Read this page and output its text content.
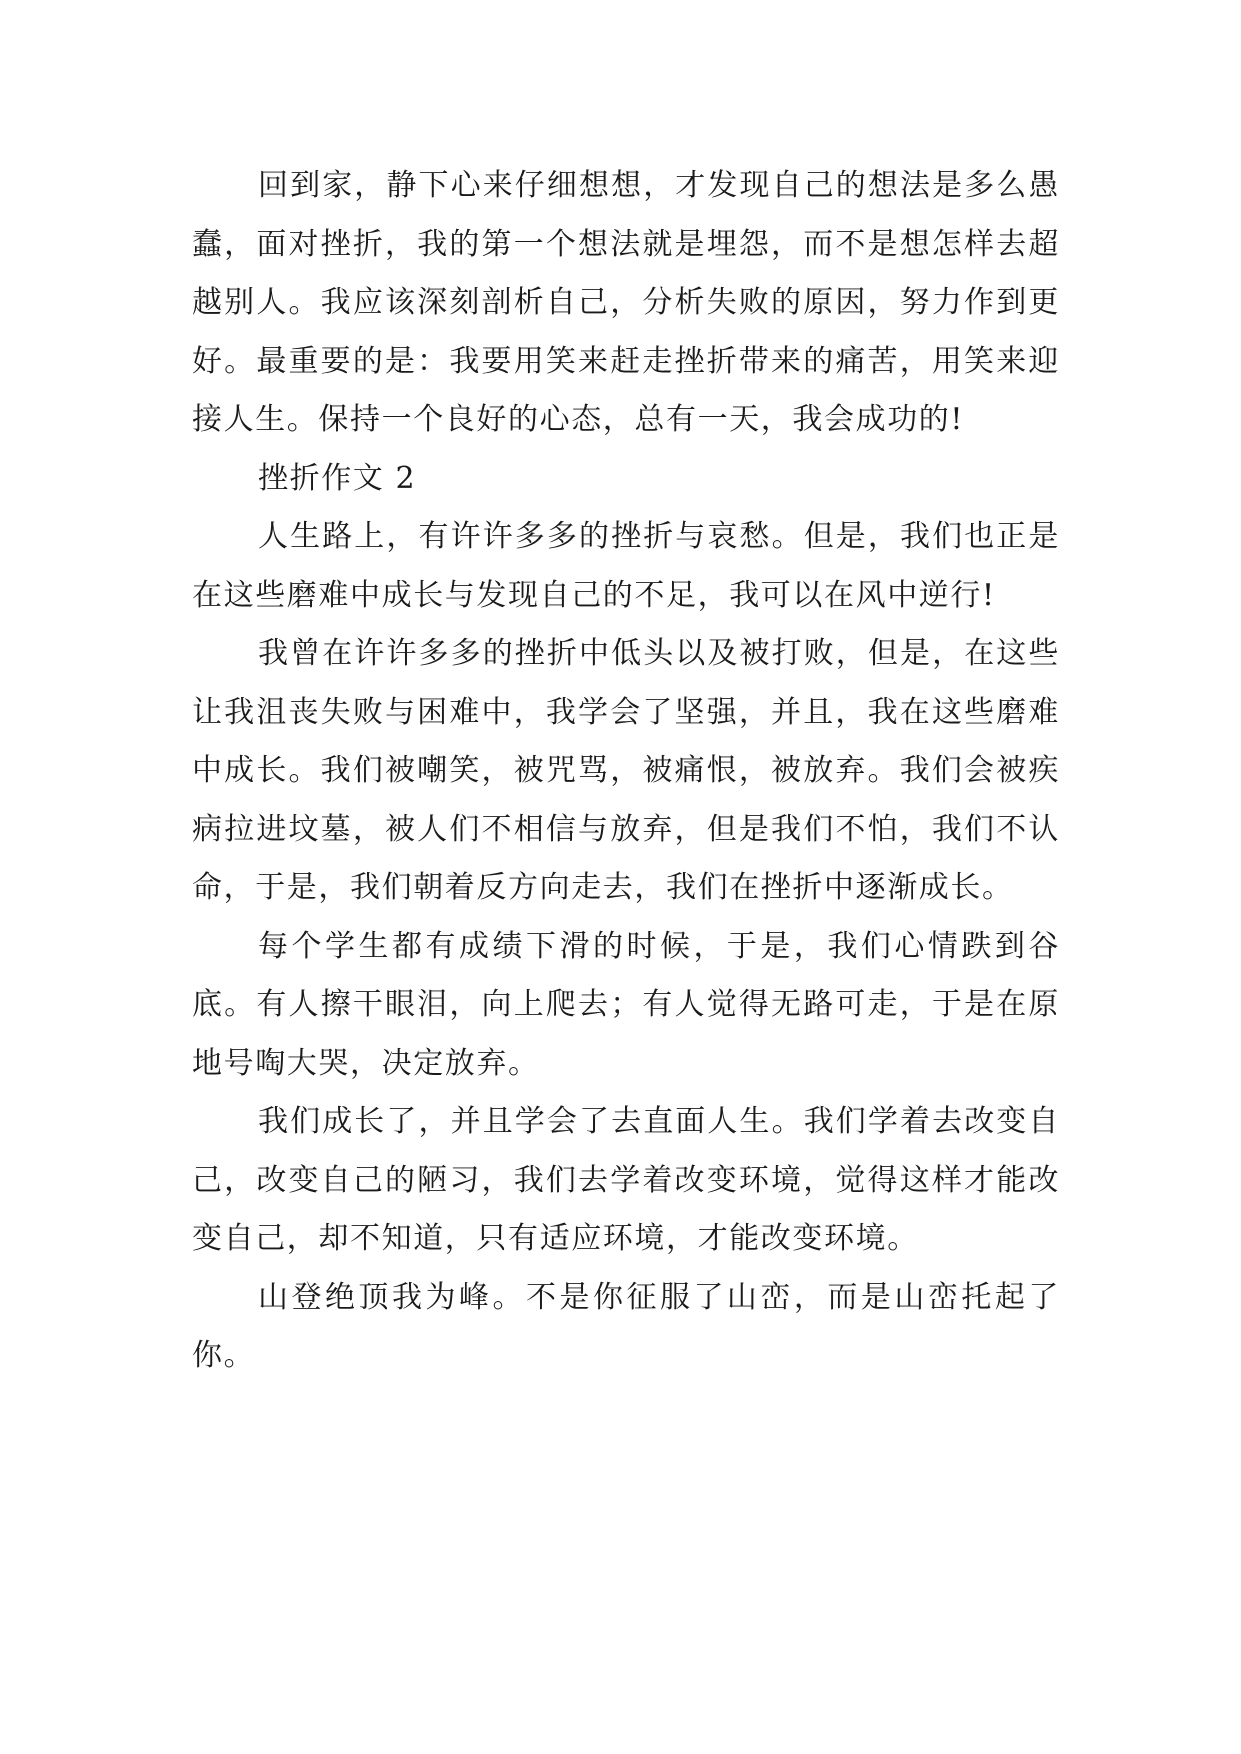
回到家，静下心来仔细想想，才发现自己的想法是多么愚蠢，面对挫折，我的第一个想法就是埋怨，而不是想怎样去超越别人。我应该深刻剖析自己，分析失败的原因，努力作到更好。最重要的是：我要用笑来赶走挫折带来的痛苦，用笑来迎接人生。保持一个良好的心态，总有一天，我会成功的!

挫折作文 2

人生路上，有许许多多的挫折与哀愁。但是，我们也正是在这些磨难中成长与发现自己的不足，我可以在风中逆行!

我曾在许许多多的挫折中低头以及被打败，但是，在这些让我沮丧失败与困难中，我学会了坚强，并且，我在这些磨难中成长。我们被嘲笑，被咒骂，被痛恨，被放弃。我们会被疾病拉进坟墓，被人们不相信与放弃，但是我们不怕，我们不认命，于是，我们朝着反方向走去，我们在挫折中逐渐成长。

每个学生都有成绩下滑的时候，于是，我们心情跌到谷底。有人擦干眼泪，向上爬去；有人觉得无路可走，于是在原地号啕大哭，决定放弃。

我们成长了，并且学会了去直面人生。我们学着去改变自己，改变自己的陋习，我们去学着改变环境，觉得这样才能改变自己，却不知道，只有适应环境，才能改变环境。

山登绝顶我为峰。不是你征服了山峦，而是山峦托起了你。
